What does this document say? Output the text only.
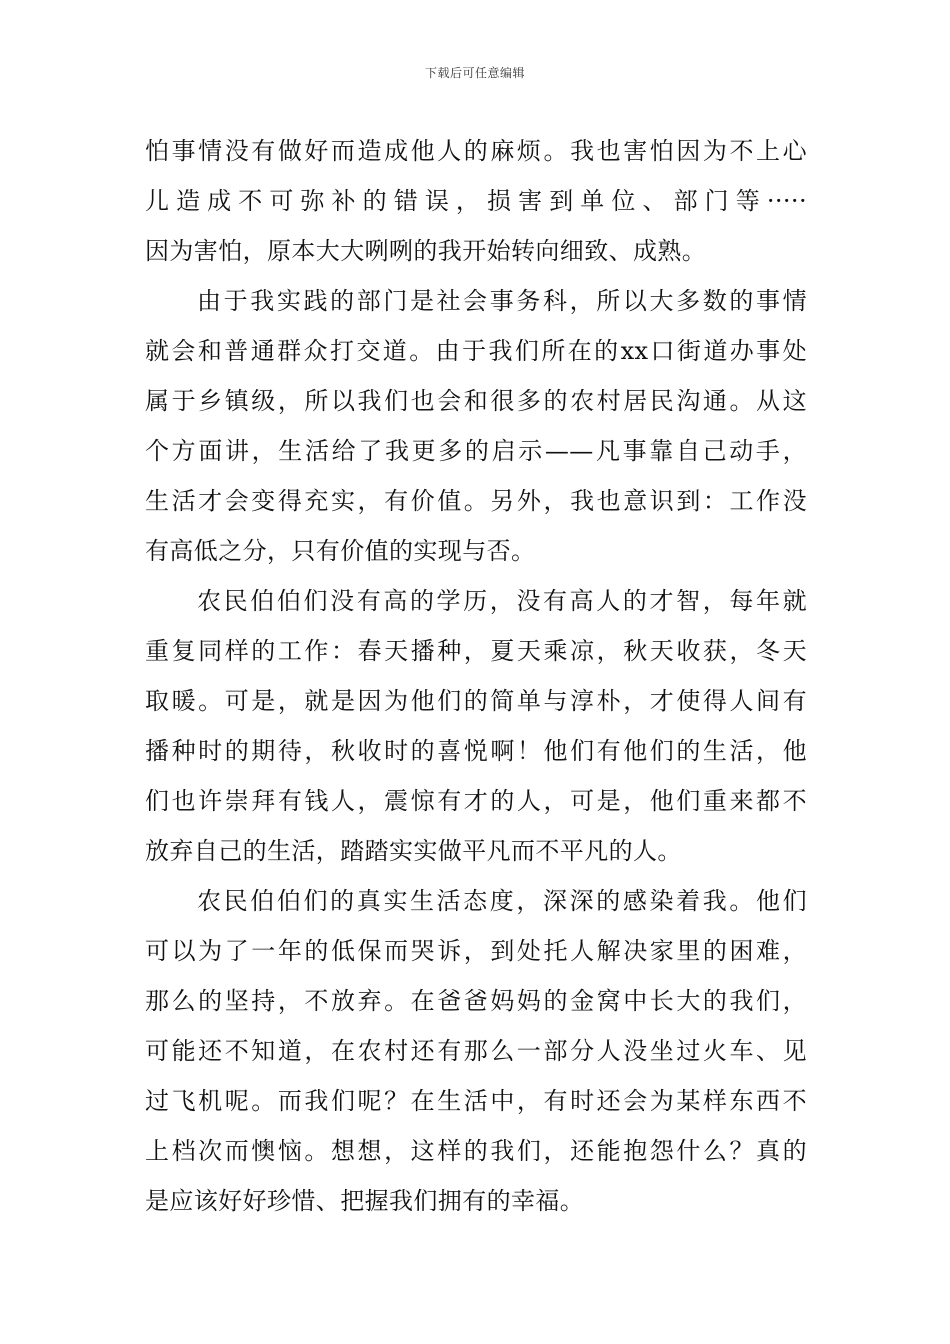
下载后可任意编辑
怕事情没有做好而造成他人的麻烦。我也害怕因为不上心
儿造成不可弥补的错误，损害到单位、部门等·····
因为害怕，原本大大咧咧的我开始转向细致、成熟。
由于我实践的部门是社会事务科，所以大多数的事情
就会和普通群众打交道。由于我们所在的xx口街道办事处
属于乡镇级，所以我们也会和很多的农村居民沟通。从这
个方面讲，生活给了我更多的启示——凡事靠自己动手，
生活才会变得充实，有价值。另外，我也意识到：工作没
有高低之分，只有价值的实现与否。
农民伯伯们没有高的学历，没有高人的才智，每年就
重复同样的工作：春天播种，夏天乘凉，秋天收获，冬天
取暖。可是，就是因为他们的简单与淳朴，才使得人间有
播种时的期待，秋收时的喜悦啊！他们有他们的生活，他
们也许崇拜有钱人，震惊有才的人，可是，他们重来都不
放弃自己的生活，踏踏实实做平凡而不平凡的人。
农民伯伯们的真实生活态度，深深的感染着我。他们
可以为了一年的低保而哭诉，到处托人解决家里的困难，
那么的坚持，不放弃。在爸爸妈妈的金窝中长大的我们，
可能还不知道，在农村还有那么一部分人没坐过火车、见
过飞机呢。而我们呢？在生活中，有时还会为某样东西不
上档次而懊恼。想想，这样的我们，还能抱怨什么？真的
是应该好好珍惜、把握我们拥有的幸福。
